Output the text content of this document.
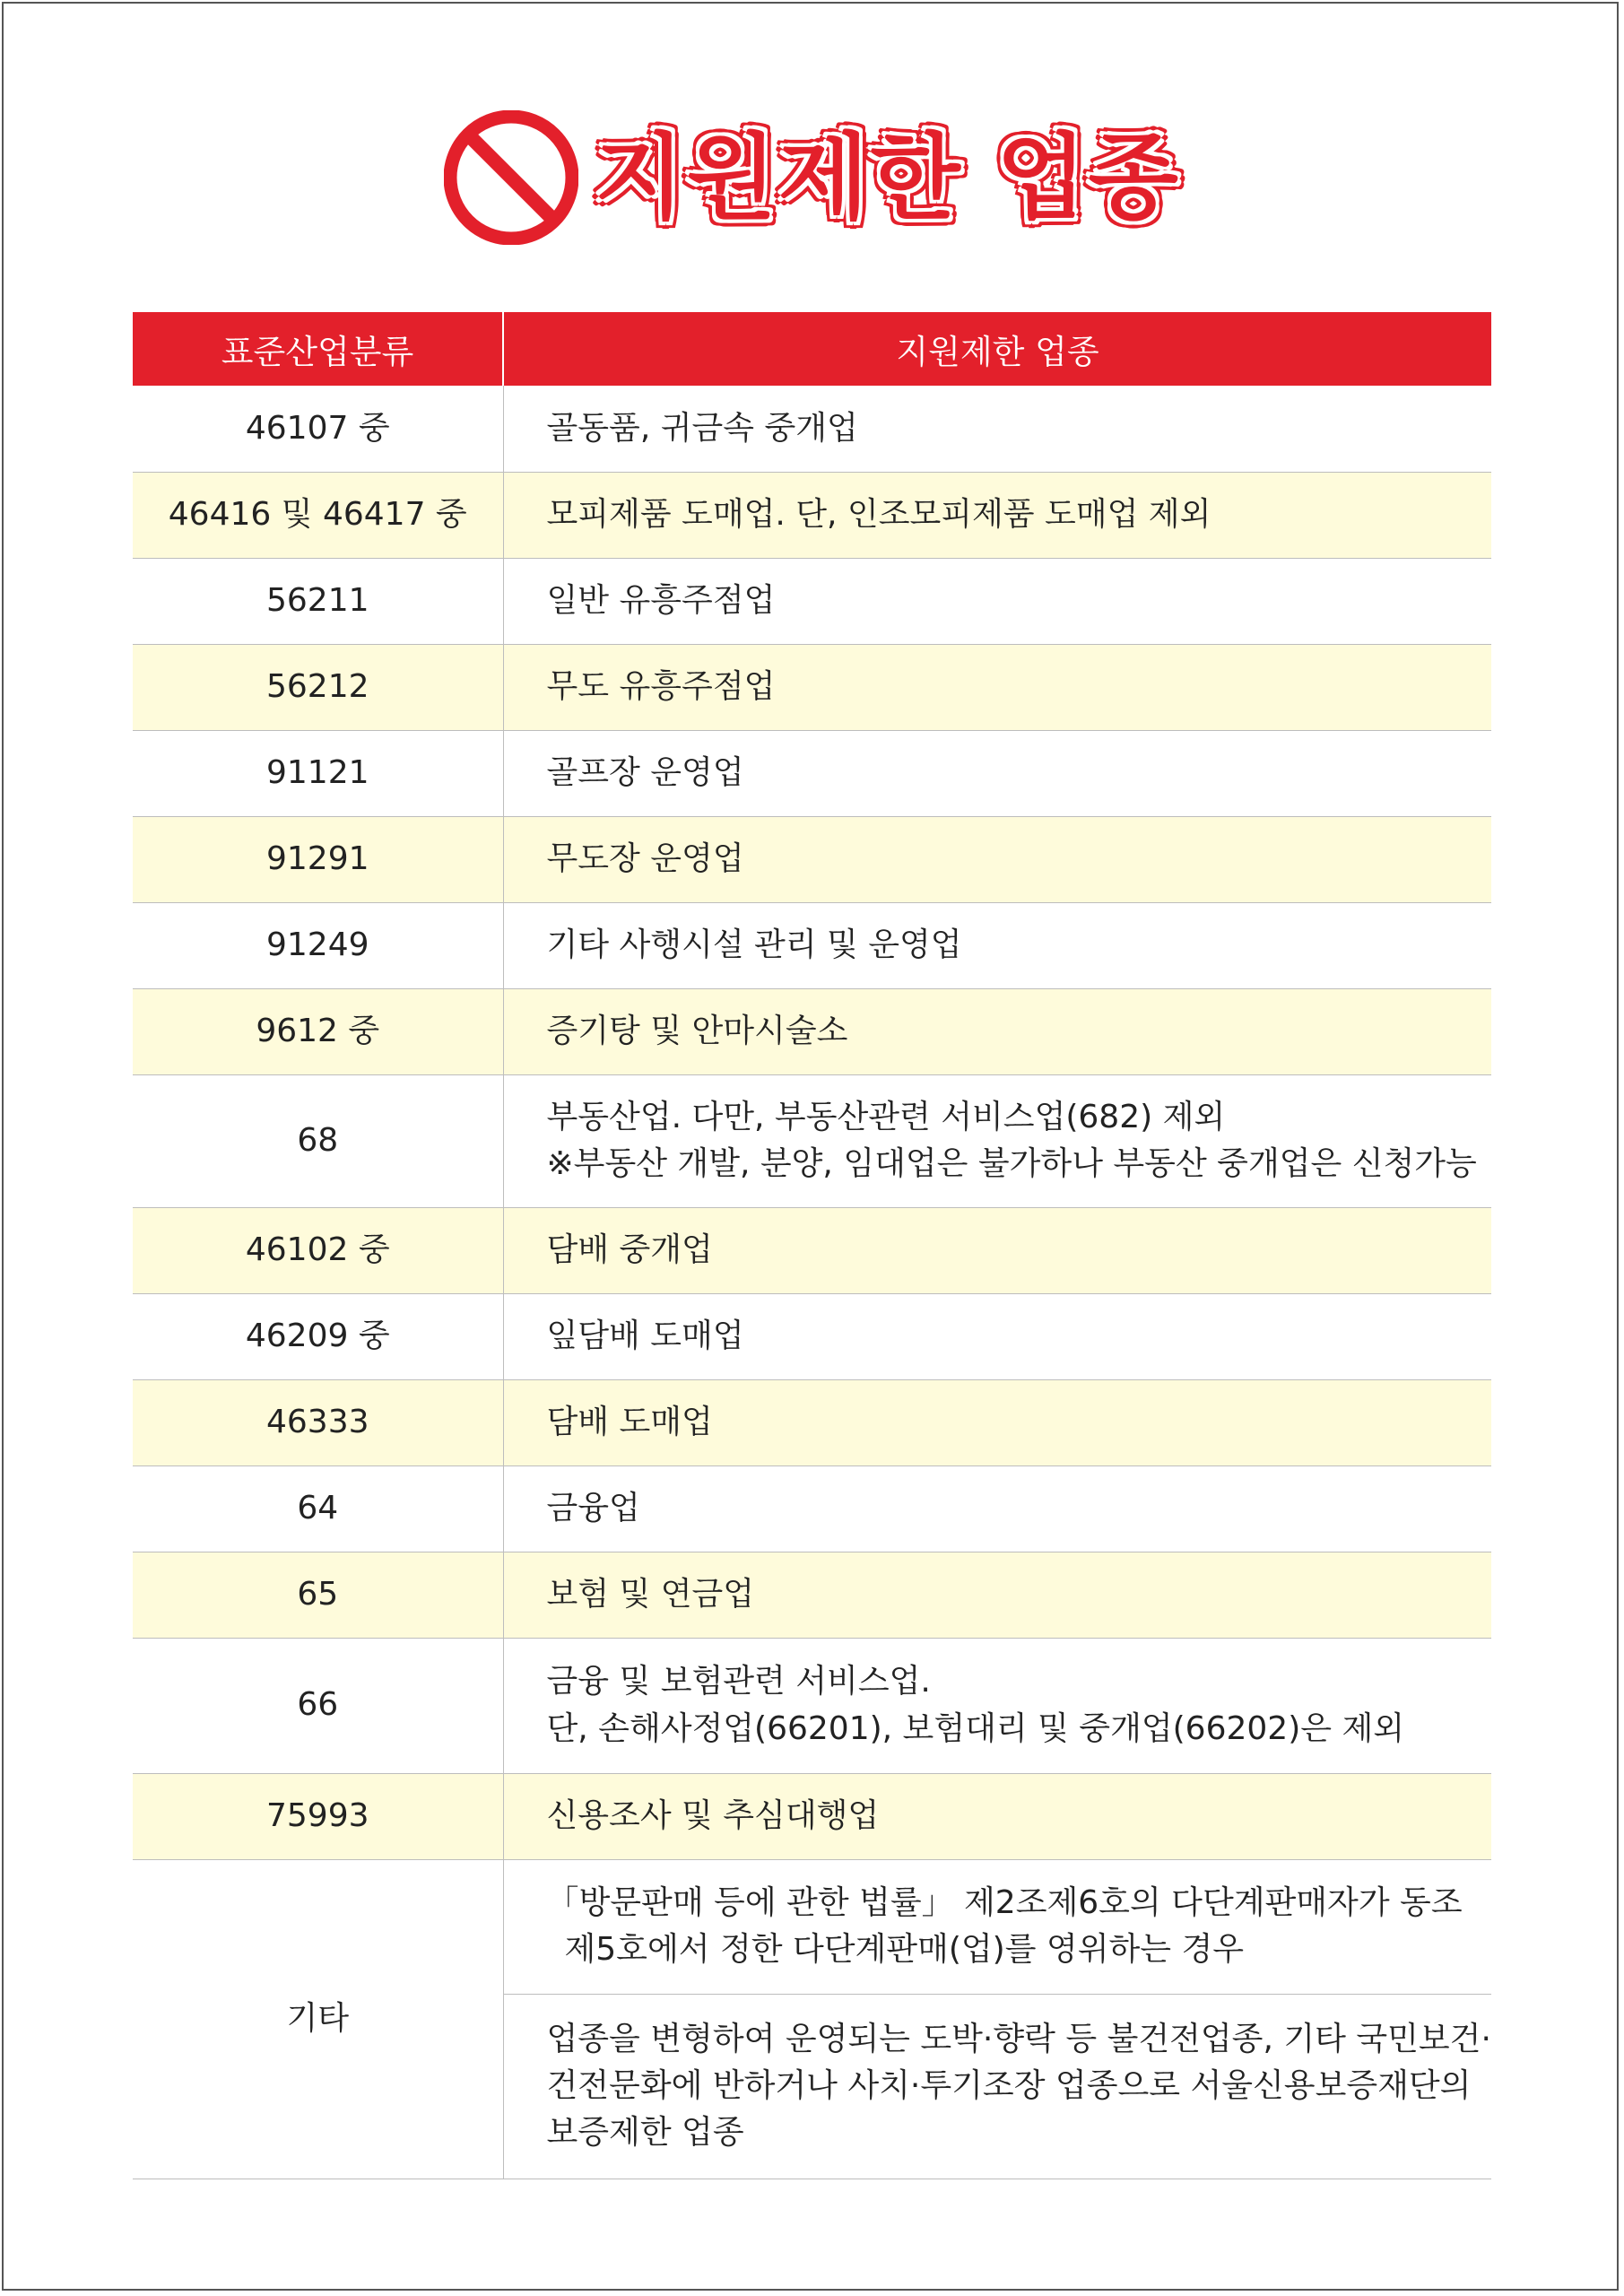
지원제한 업종
표준산업분류	지원제한 업종
46107 중	골동품, 귀금속 중개업

46416 및 46417 중	모피제품 도매업. 단, 인조모피제품 도매업 제외

56211	일반 유흥주점업

56212	무도 유흥주점업

91121	골프장 운영업

91291	무도장 운영업

91249	기타 사행시설 관리 및 운영업

9612 중	증기탕 및 안마시술소

68	부동산업. 다만, 부동산관련 서비스업(682) 제외
※부동산 개발, 분양, 임대업은 불가하나 부동산 중개업은 신청가능

46102 중	담배 중개업

46209 중	잎담배 도매업

46333	담배 도매업

64	금융업

65	보험 및 연금업

66	금융 및 보험관련 서비스업.
단, 손해사정업(66201), 보험대리 및 중개업(66202)은 제외

75993	신용조사 및 추심대행업

기타	「방문판매 등에 관한 법률」 제2조제6호의 다단계판매자가 동조
제5호에서 정한 다단계판매(업)를 영위하는 경우

	업종을 변형하여 운영되는 도박·향락 등 불건전업종, 기타 국민보건·
건전문화에 반하거나 사치·투기조장 업종으로 서울신용보증재단의
보증제한 업종
